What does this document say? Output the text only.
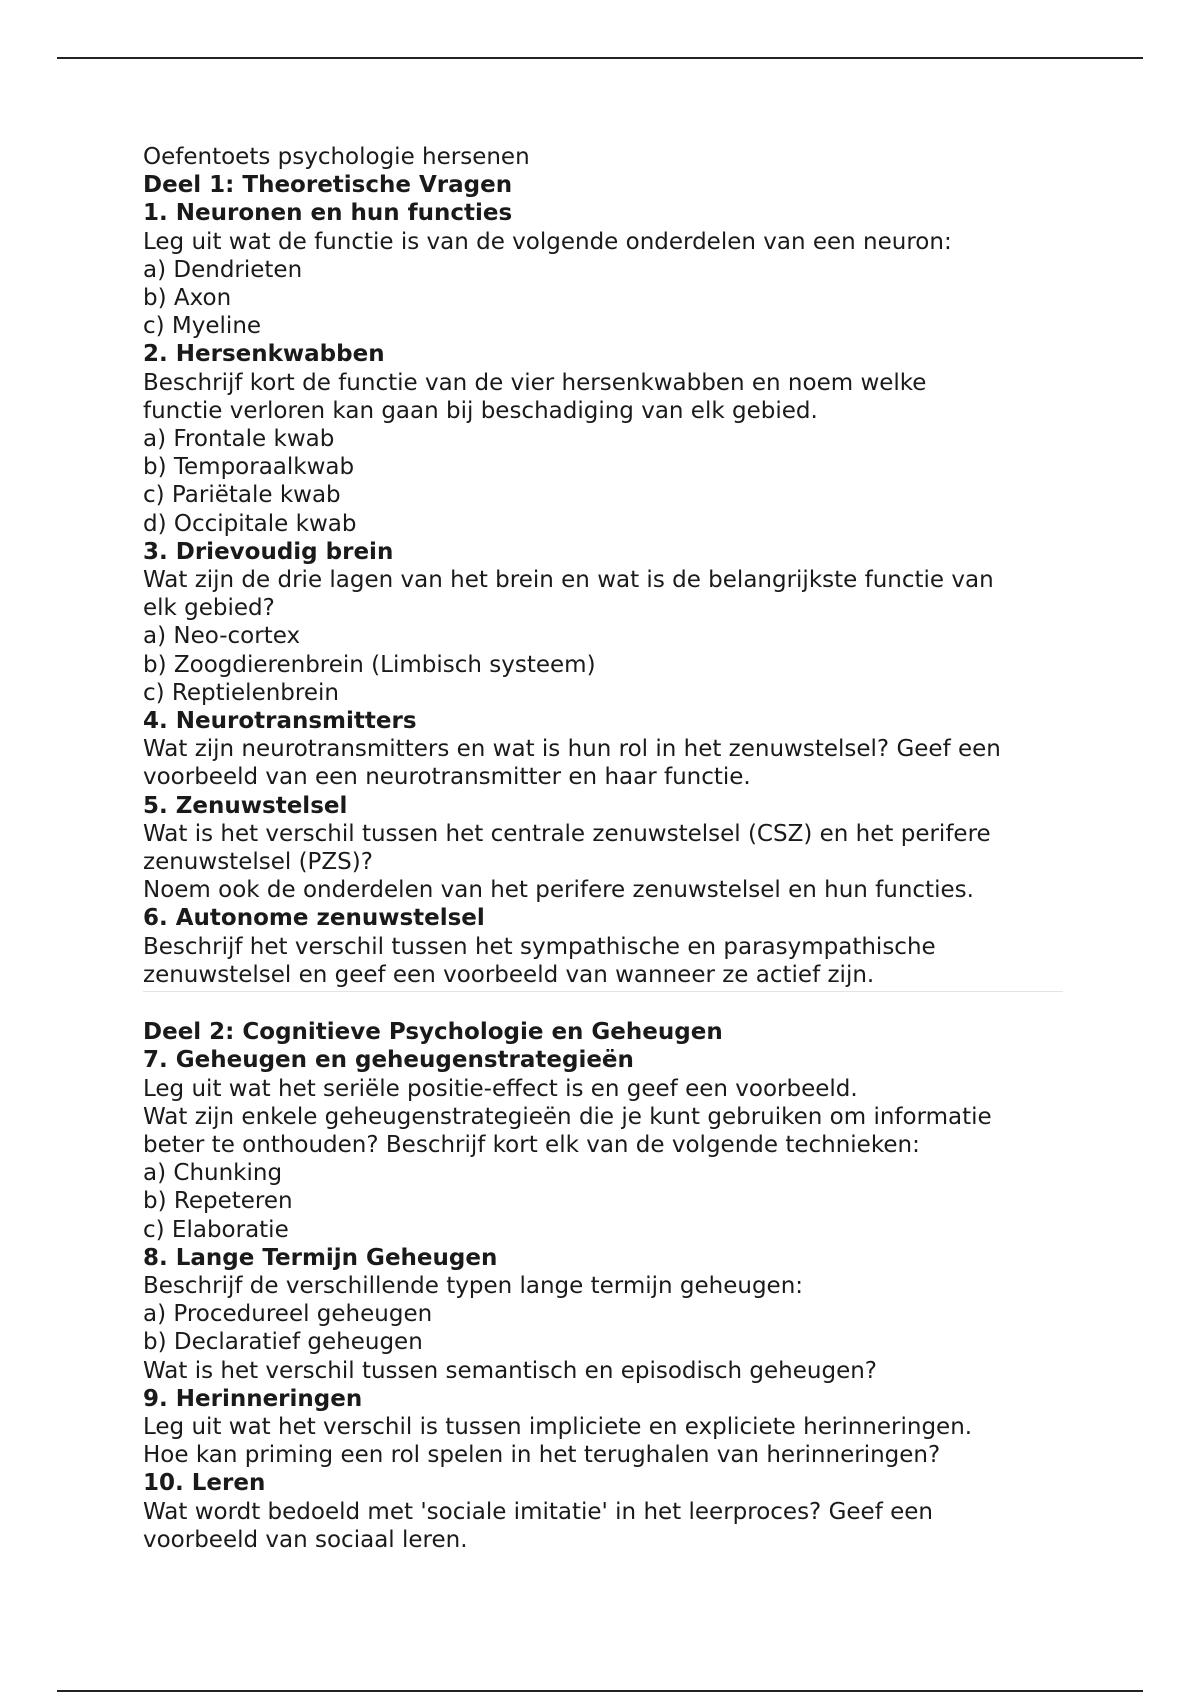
Oefentoets psychologie hersenen
Deel 1: Theoretische Vragen
1. Neuronen en hun functies
Leg uit wat de functie is van de volgende onderdelen van een neuron:
a) Dendrieten
b) Axon
c) Myeline
2. Hersenkwabben
Beschrijf kort de functie van de vier hersenkwabben en noem welke
functie verloren kan gaan bij beschadiging van elk gebied.
a) Frontale kwab
b) Temporaalkwab
c) Pariëtale kwab
d) Occipitale kwab
3. Drievoudig brein
Wat zijn de drie lagen van het brein en wat is de belangrijkste functie van
elk gebied?
a) Neo-cortex
b) Zoogdierenbrein (Limbisch systeem)
c) Reptielenbrein
4. Neurotransmitters
Wat zijn neurotransmitters en wat is hun rol in het zenuwstelsel? Geef een
voorbeeld van een neurotransmitter en haar functie.
5. Zenuwstelsel
Wat is het verschil tussen het centrale zenuwstelsel (CSZ) en het perifere
zenuwstelsel (PZS)?
Noem ook de onderdelen van het perifere zenuwstelsel en hun functies.
6. Autonome zenuwstelsel
Beschrijf het verschil tussen het sympathische en parasympathische
zenuwstelsel en geef een voorbeeld van wanneer ze actief zijn.
Deel 2: Cognitieve Psychologie en Geheugen
7. Geheugen en geheugenstrategieën
Leg uit wat het seriële positie-effect is en geef een voorbeeld.
Wat zijn enkele geheugenstrategieën die je kunt gebruiken om informatie
beter te onthouden? Beschrijf kort elk van de volgende technieken:
a) Chunking
b) Repeteren
c) Elaboratie
8. Lange Termijn Geheugen
Beschrijf de verschillende typen lange termijn geheugen:
a) Procedureel geheugen
b) Declaratief geheugen
Wat is het verschil tussen semantisch en episodisch geheugen?
9. Herinneringen
Leg uit wat het verschil is tussen impliciete en expliciete herinneringen.
Hoe kan priming een rol spelen in het terughalen van herinneringen?
10. Leren
Wat wordt bedoeld met 'sociale imitatie' in het leerproces? Geef een
voorbeeld van sociaal leren.
